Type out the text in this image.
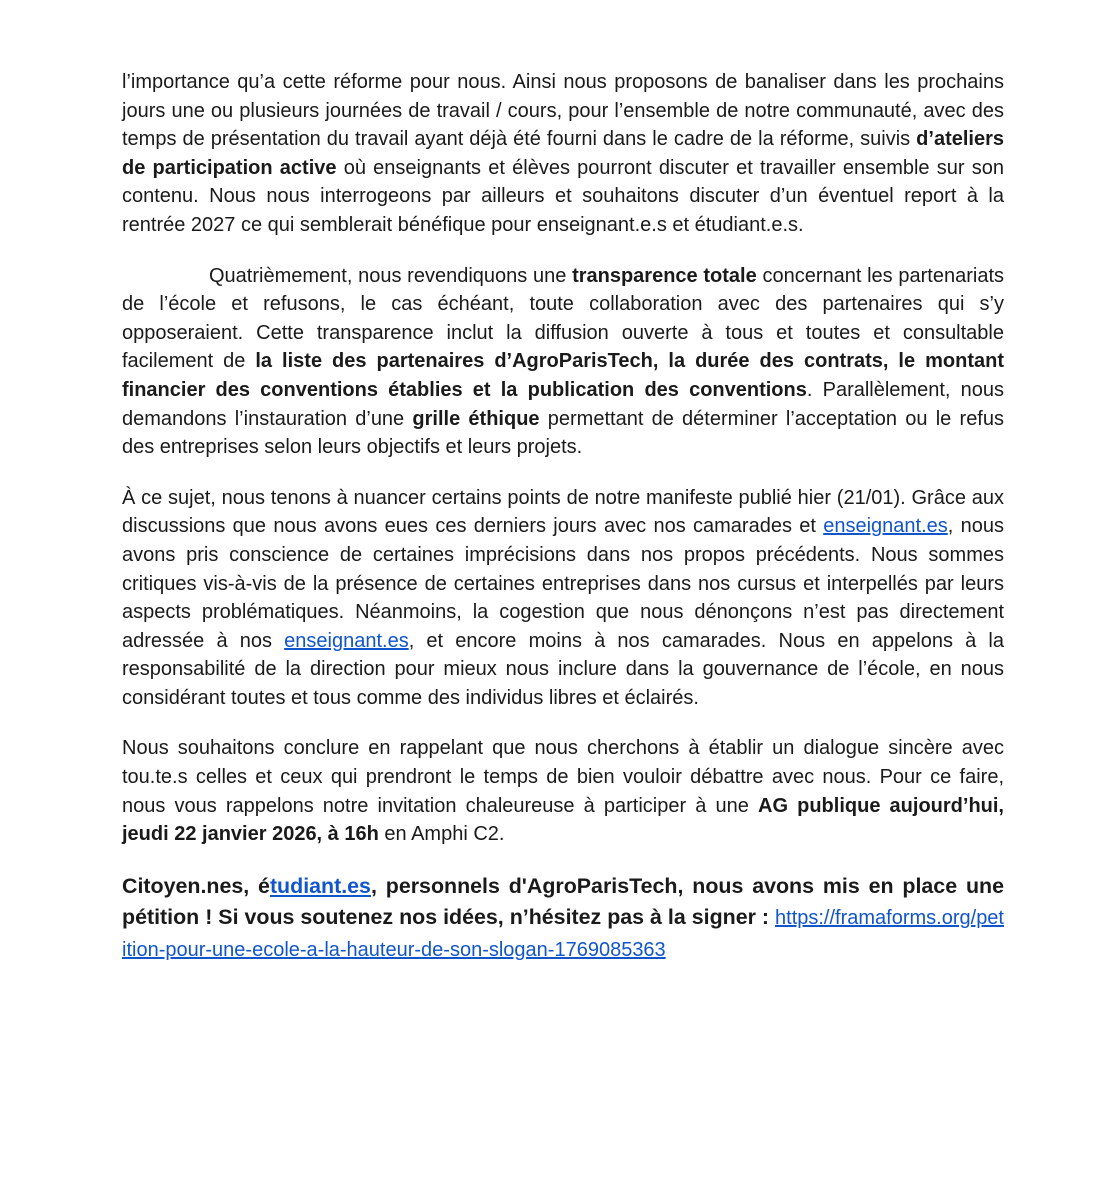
l’importance qu’a cette réforme pour nous. Ainsi nous proposons de banaliser dans les prochains jours une ou plusieurs journées de travail / cours, pour l’ensemble de notre communauté, avec des temps de présentation du travail ayant déjà été fourni dans le cadre de la réforme, suivis d’ateliers de participation active où enseignants et élèves pourront discuter et travailler ensemble sur son contenu. Nous nous interrogeons par ailleurs et souhaitons discuter d’un éventuel report à la rentrée 2027 ce qui semblerait bénéfique pour enseignant.e.s et étudiant.e.s.

Quatrièmement, nous revendiquons une transparence totale concernant les partenariats de l’école et refusons, le cas échéant, toute collaboration avec des partenaires qui s’y opposeraient. Cette transparence inclut la diffusion ouverte à tous et toutes et consultable facilement de la liste des partenaires d’AgroParisTech, la durée des contrats, le montant financier des conventions établies et la publication des conventions. Parallèlement, nous demandons l’instauration d’une grille éthique permettant de déterminer l’acceptation ou le refus des entreprises selon leurs objectifs et leurs projets.

À ce sujet, nous tenons à nuancer certains points de notre manifeste publié hier (21/01). Grâce aux discussions que nous avons eues ces derniers jours avec nos camarades et enseignant.es, nous avons pris conscience de certaines imprécisions dans nos propos précédents. Nous sommes critiques vis-à-vis de la présence de certaines entreprises dans nos cursus et interpellés par leurs aspects problématiques. Néanmoins, la cogestion que nous dénonçons n’est pas directement adressée à nos enseignant.es, et encore moins à nos camarades. Nous en appelons à la responsabilité de la direction pour mieux nous inclure dans la gouvernance de l’école, en nous considérant toutes et tous comme des individus libres et éclairés.

Nous souhaitons conclure en rappelant que nous cherchons à établir un dialogue sincère avec tou.te.s celles et ceux qui prendront le temps de bien vouloir débattre avec nous. Pour ce faire, nous vous rappelons notre invitation chaleureuse à participer à une AG publique aujourd’hui, jeudi 22 janvier 2026, à 16h en Amphi C2.

Citoyen.nes, étudiant.es, personnels d'AgroParisTech, nous avons mis en place une pétition ! Si vous soutenez nos idées, n’hésitez pas à la signer : https://framaforms.org/petition-pour-une-ecole-a-la-hauteur-de-son-slogan-1769085363
